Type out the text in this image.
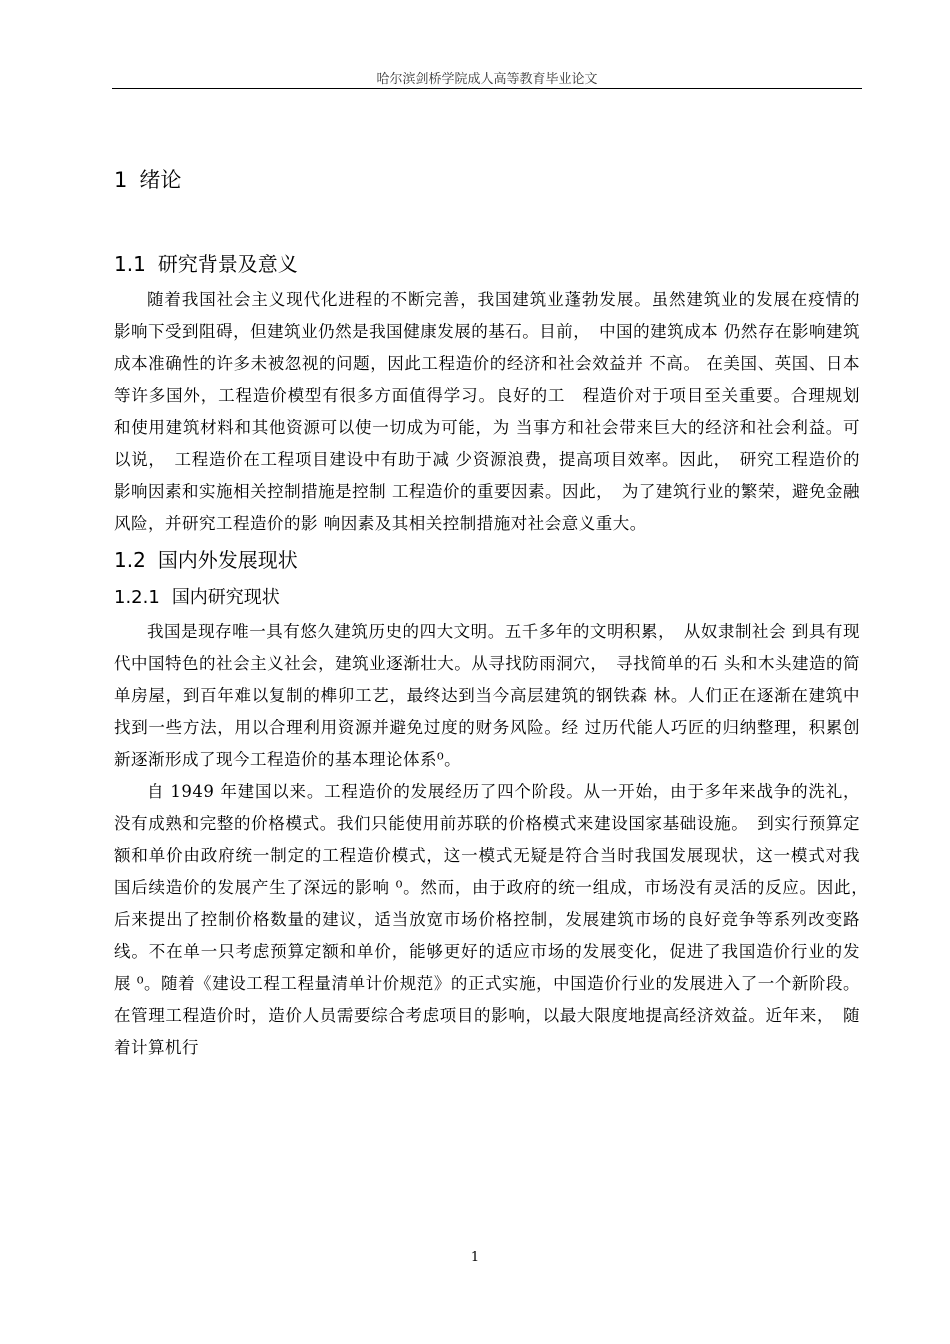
哈尔滨剑桥学院成人高等教育毕业论文
1 绪论
1.1 研究背景及意义

随着我国社会主义现代化进程的不断完善，我国建筑业蓬勃发展。虽然建筑业的发展在疫情的影响下受到阻碍，但建筑业仍然是我国健康发展的基石。目前，　中国的建筑成本 仍然存在影响建筑成本准确性的许多未被忽视的问题，因此工程造价的经济和社会效益并 不高。 在美国、英国、日本等许多国外，工程造价模型有很多方面值得学习。良好的工　程造价对于项目至关重要。合理规划和使用建筑材料和其他资源可以使一切成为可能，为 当事方和社会带来巨大的经济和社会利益。可以说，　工程造价在工程项目建设中有助于减 少资源浪费，提高项目效率。因此，　研究工程造价的影响因素和实施相关控制措施是控制 工程造价的重要因素。因此，　为了建筑行业的繁荣，避免金融风险，并研究工程造价的影 响因素及其相关控制措施对社会意义重大。

1.2 国内外发展现状
1.2.1 国内研究现状

我国是现存唯一具有悠久建筑历史的四大文明。五千多年的文明积累，　从奴隶制社会 到具有现代中国特色的社会主义社会，建筑业逐渐壮大。从寻找防雨洞穴，　寻找简单的石 头和木头建造的简单房屋，到百年难以复制的榫卯工艺，最终达到当今高层建筑的钢铁森 林。人们正在逐渐在建筑中找到一些方法，用以合理利用资源并避免过度的财务风险。经 过历代能人巧匠的归纳整理，积累创新逐渐形成了现今工程造价的基本理论体系⁰。

自 1949 年建国以来。工程造价的发展经历了四个阶段。从一开始，由于多年来战争的洗礼，没有成熟和完整的价格模式。我们只能使用前苏联的价格模式来建设国家基础设施。　到实行预算定额和单价由政府统一制定的工程造价模式，这一模式无疑是符合当时我国发展现状，这一模式对我国后续造价的发展产生了深远的影响 ⁰。然而，由于政府的统一组成，市场没有灵活的反应。因此，　后来提出了控制价格数量的建议，适当放宽市场价格控制，发展建筑市场的良好竞争等系列改变路线。不在单一只考虑预算定额和单价，能够更好的适应市场的发展变化，促进了我国造价行业的发展 ⁰。随着《建设工程工程量清单计价规范》的正式实施，中国造价行业的发展进入了一个新阶段。在管理工程造价时，造价人员需要综合考虑项目的影响，以最大限度地提高经济效益。近年来，　随着计算机行

1
